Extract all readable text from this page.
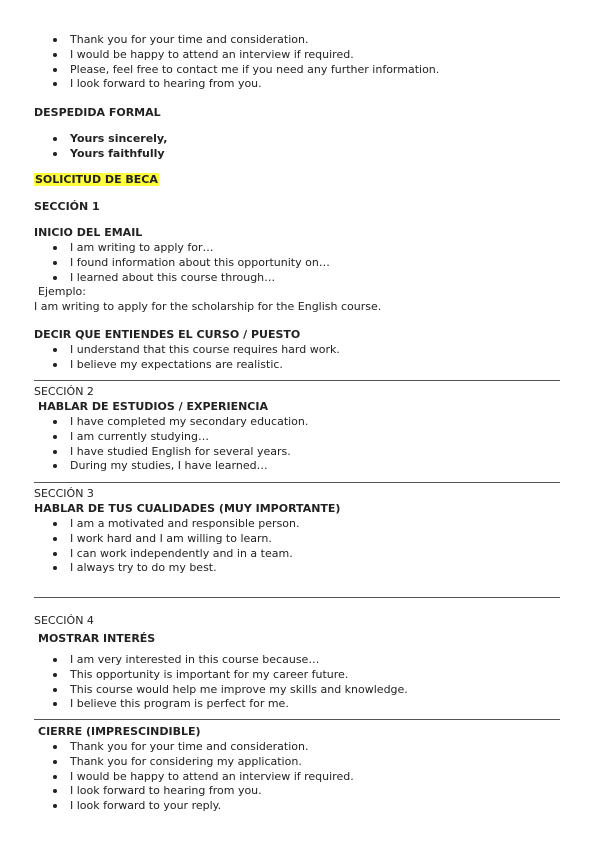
Thank you for your time and consideration.
I would be happy to attend an interview if required.
Please, feel free to contact me if you need any further information.
I look forward to hearing from you.
DESPEDIDA FORMAL
Yours sincerely,
Yours faithfully
SOLICITUD DE BECA
SECCIÓN 1
INICIO DEL EMAIL
I am writing to apply for…
I found information about this opportunity on…
I learned about this course through…
Ejemplo:
I am writing to apply for the scholarship for the English course.
DECIR QUE ENTIENDES EL CURSO / PUESTO
I understand that this course requires hard work.
I believe my expectations are realistic.
SECCIÓN 2
HABLAR DE ESTUDIOS / EXPERIENCIA
I have completed my secondary education.
I am currently studying…
I have studied English for several years.
During my studies, I have learned…
SECCIÓN 3
HABLAR DE TUS CUALIDADES (MUY IMPORTANTE)
I am a motivated and responsible person.
I work hard and I am willing to learn.
I can work independently and in a team.
I always try to do my best.
SECCIÓN 4
MOSTRAR INTERÉS
I am very interested in this course because…
This opportunity is important for my career future.
This course would help me improve my skills and knowledge.
I believe this program is perfect for me.
CIERRE (IMPRESCINDIBLE)
Thank you for your time and consideration.
Thank you for considering my application.
I would be happy to attend an interview if required.
I look forward to hearing from you.
I look forward to your reply.
